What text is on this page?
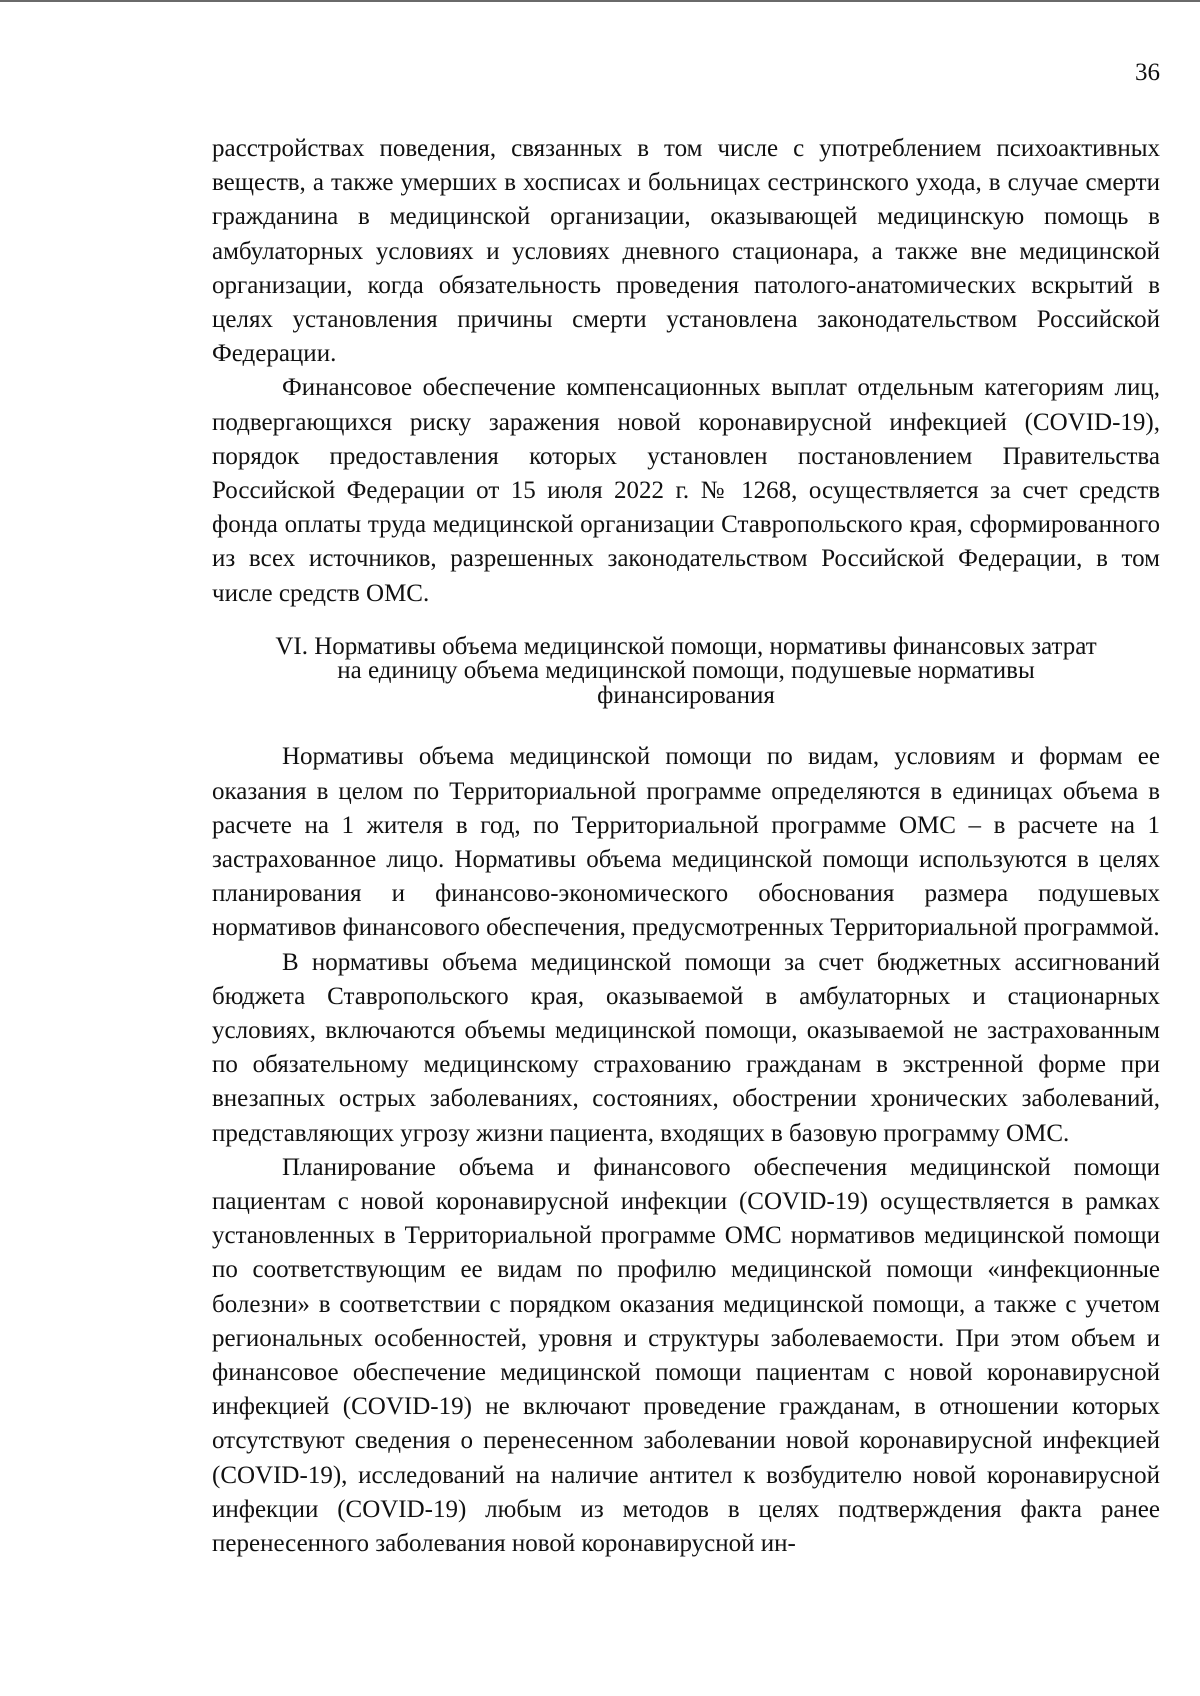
36

расстройствах поведения, связанных в том числе с употреблением психоактивных веществ, а также умерших в хосписах и больницах сестринского ухода, в случае смерти гражданина в медицинской организации, оказывающей медицинскую помощь в амбулаторных условиях и условиях дневного стационара, а также вне медицинской организации, когда обязательность проведения патолого-анатомических вскрытий в целях установления причины смерти установлена законодательством Российской Федерации.

Финансовое обеспечение компенсационных выплат отдельным категориям лиц, подвергающихся риску заражения новой коронавирусной инфекцией (COVID-19), порядок предоставления которых установлен постановлением Правительства Российской Федерации от 15 июля 2022 г. № 1268, осуществляется за счет средств фонда оплаты труда медицинской организации Ставропольского края, сформированного из всех источников, разрешенных законодательством Российской Федерации, в том числе средств ОМС.

VI. Нормативы объема медицинской помощи, нормативы финансовых затрат
на единицу объема медицинской помощи, подушевые нормативы
финансирования

Нормативы объема медицинской помощи по видам, условиям и формам ее оказания в целом по Территориальной программе определяются в единицах объема в расчете на 1 жителя в год, по Территориальной программе ОМС – в расчете на 1 застрахованное лицо. Нормативы объема медицинской помощи используются в целях планирования и финансово-экономического обоснования размера подушевых нормативов финансового обеспечения, предусмотренных Территориальной программой.

В нормативы объема медицинской помощи за счет бюджетных ассигнований бюджета Ставропольского края, оказываемой в амбулаторных и стационарных условиях, включаются объемы медицинской помощи, оказываемой не застрахованным по обязательному медицинскому страхованию гражданам в экстренной форме при внезапных острых заболеваниях, состояниях, обострении хронических заболеваний, представляющих угрозу жизни пациента, входящих в базовую программу ОМС.

Планирование объема и финансового обеспечения медицинской помощи пациентам с новой коронавирусной инфекции (COVID-19) осуществляется в рамках установленных в Территориальной программе ОМС нормативов медицинской помощи по соответствующим ее видам по профилю медицинской помощи «инфекционные болезни» в соответствии с порядком оказания медицинской помощи, а также с учетом региональных особенностей, уровня и структуры заболеваемости. При этом объем и финансовое обеспечение медицинской помощи пациентам с новой коронавирусной инфекцией (COVID-19) не включают проведение гражданам, в отношении которых отсутствуют сведения о перенесенном заболевании новой коронавирусной инфекцией (COVID-19), исследований на наличие антител к возбудителю новой коронавирусной инфекции (COVID-19) любым из методов в целях подтверждения факта ранее перенесенного заболевания новой коронавирусной ин-
